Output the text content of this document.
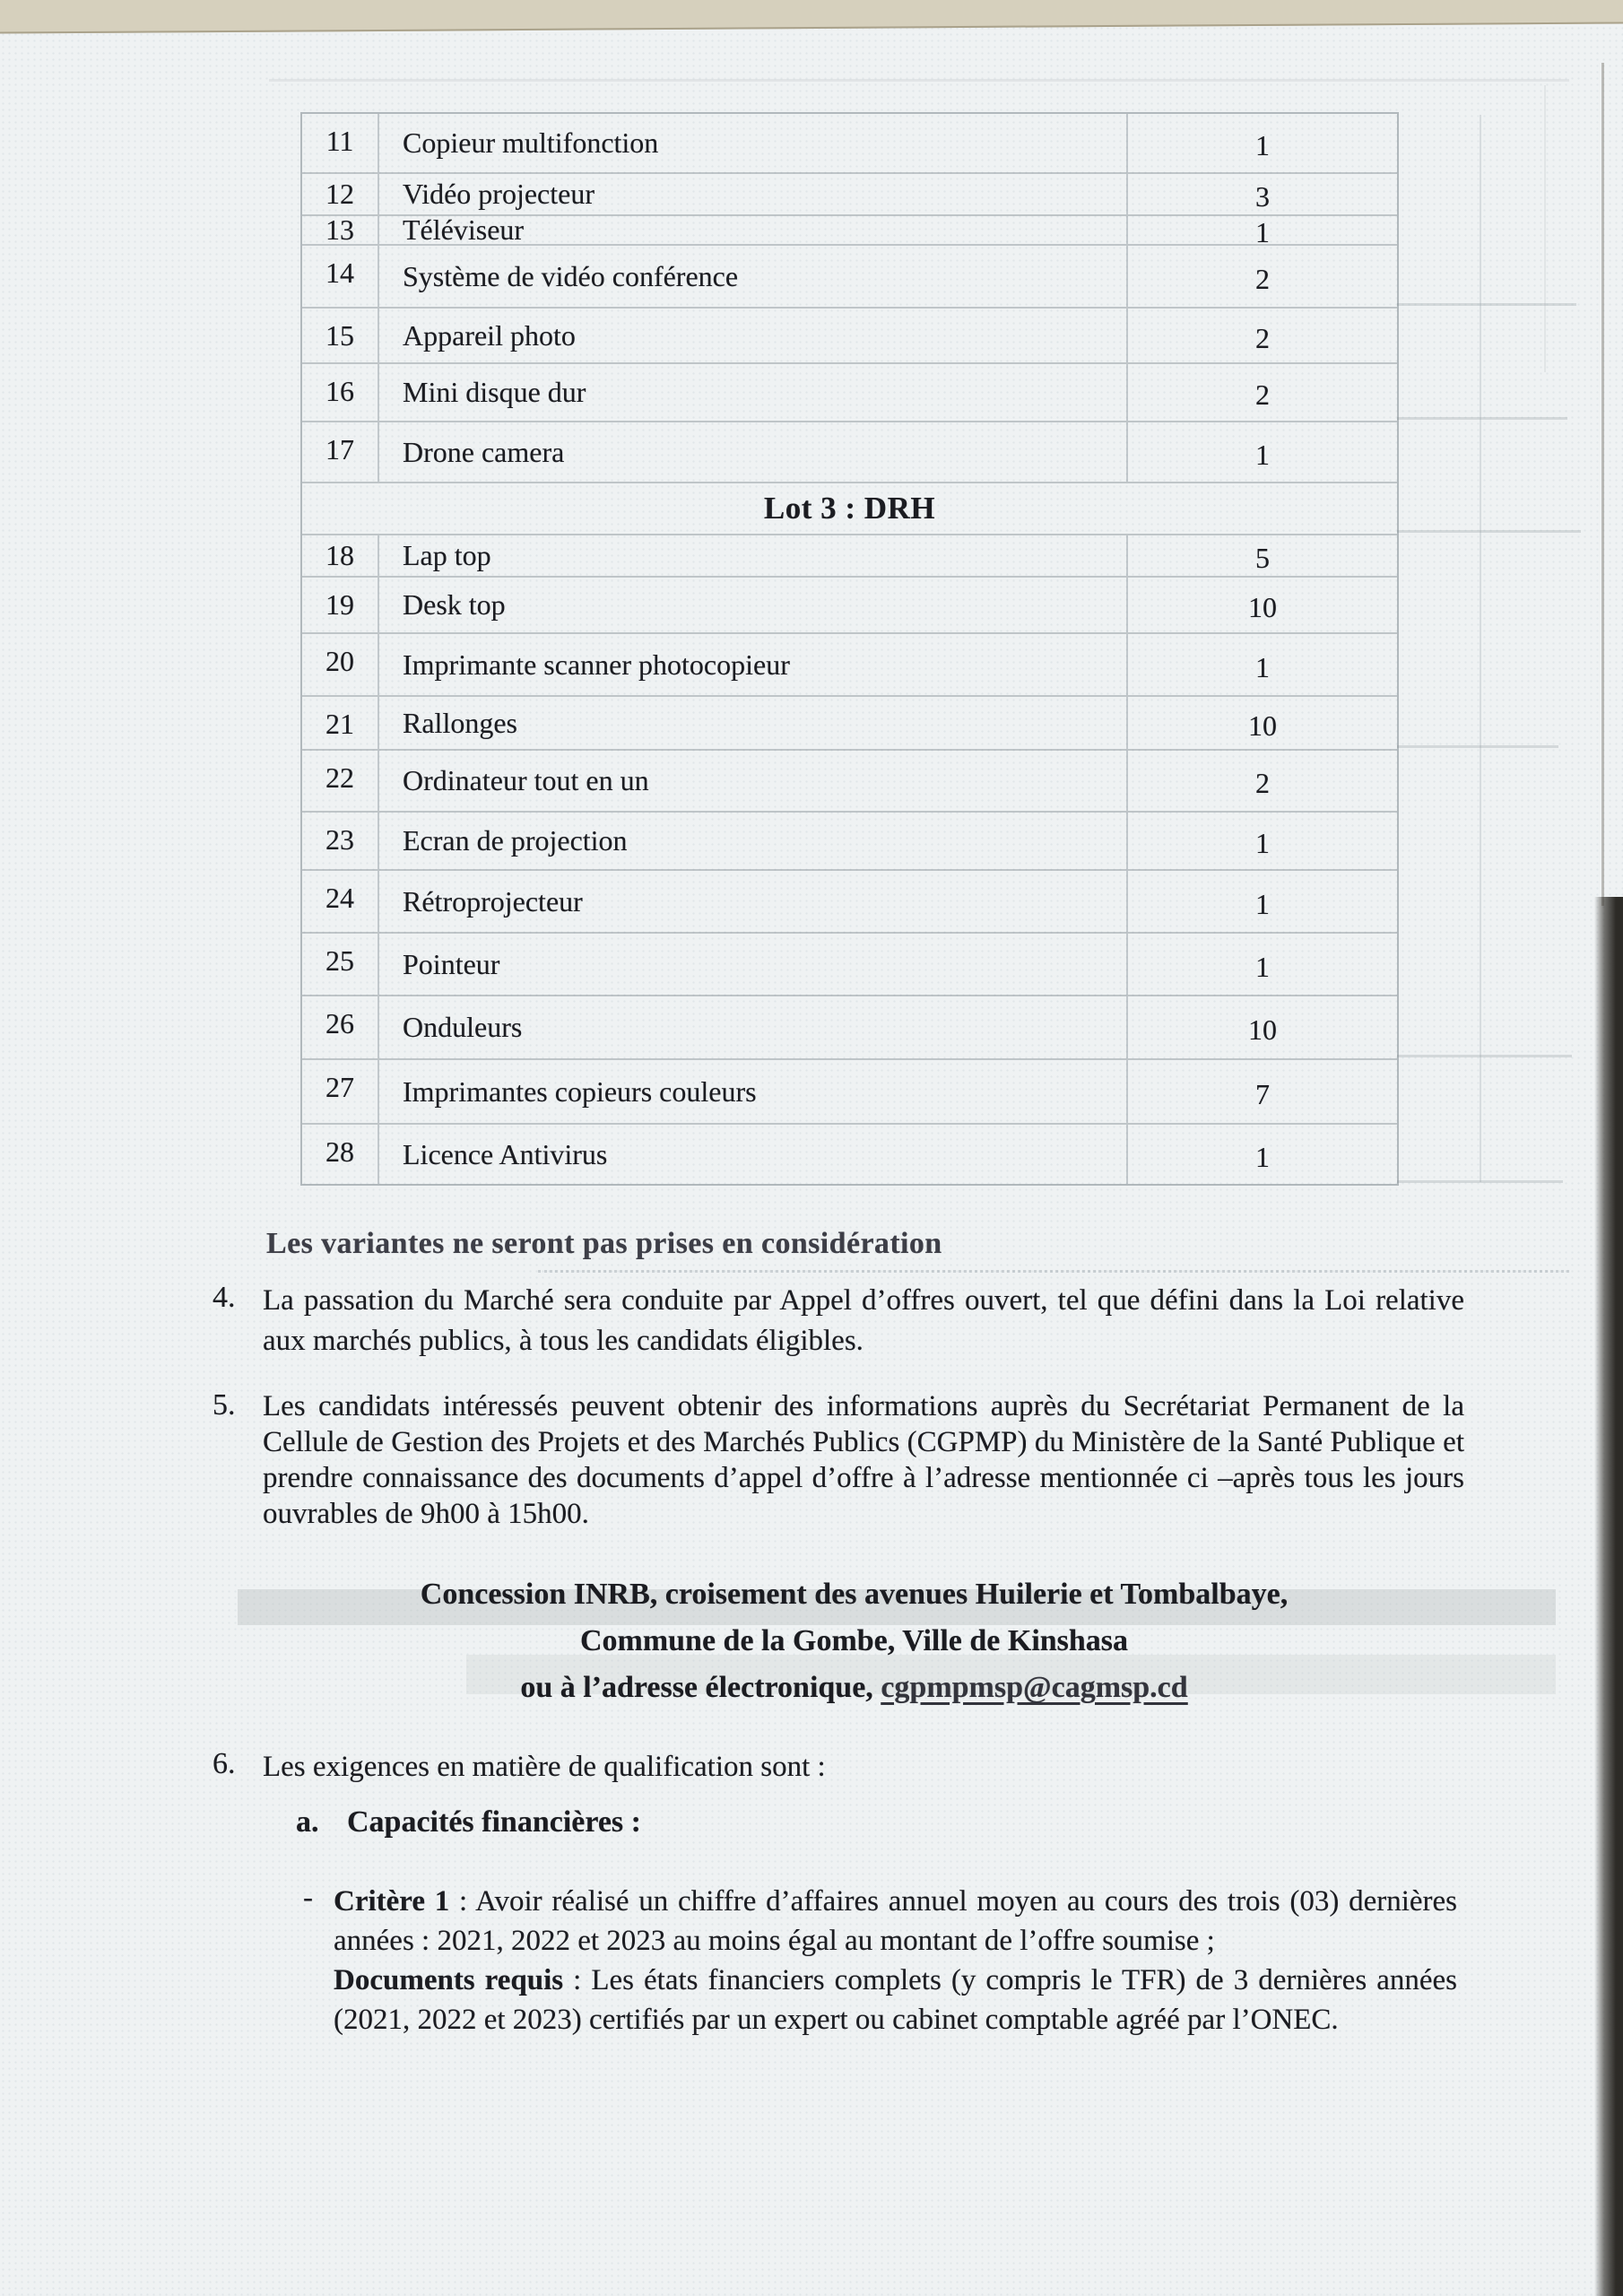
11	Copieur multifonction	1
12	Vidéo projecteur	3
13	Téléviseur	1
14	Système de vidéo conférence	2
15	Appareil photo	2
16	Mini disque dur	2
17	Drone camera	1
Lot 3 : DRH
18	Lap top	5
19	Desk top	10
20	Imprimante scanner photocopieur	1
21	Rallonges	10
22	Ordinateur tout en un	2
23	Ecran de projection	1
24	Rétroprojecteur	1
25	Pointeur	1
26	Onduleurs	10
27	Imprimantes copieurs couleurs	7
28	Licence Antivirus	1
Les variantes ne seront pas prises en considération
4. La passation du Marché sera conduite par Appel d’offres ouvert, tel que défini dans la Loi relative aux marchés publics, à tous les candidats éligibles.
5. Les candidats intéressés peuvent obtenir des informations auprès du Secrétariat Permanent de la Cellule de Gestion des Projets et des Marchés Publics (CGPMP) du Ministère de la Santé Publique et prendre connaissance des documents d’appel d’offre à l’adresse mentionnée ci –après tous les jours ouvrables de 9h00 à 15h00.
Concession INRB, croisement des avenues Huilerie et Tombalbaye,
Commune de la Gombe, Ville de Kinshasa
ou à l’adresse électronique, cgpmpmsp@cagmsp.cd
6. Les exigences en matière de qualification sont :
a. Capacités financières :
- Critère 1 : Avoir réalisé un chiffre d’affaires annuel moyen au cours des trois (03) dernières années : 2021, 2022 et 2023 au moins égal au montant de l’offre soumise ;
Documents requis : Les états financiers complets (y compris le TFR) de 3 dernières années (2021, 2022 et 2023) certifiés par un expert ou cabinet comptable agréé par l’ONEC.
